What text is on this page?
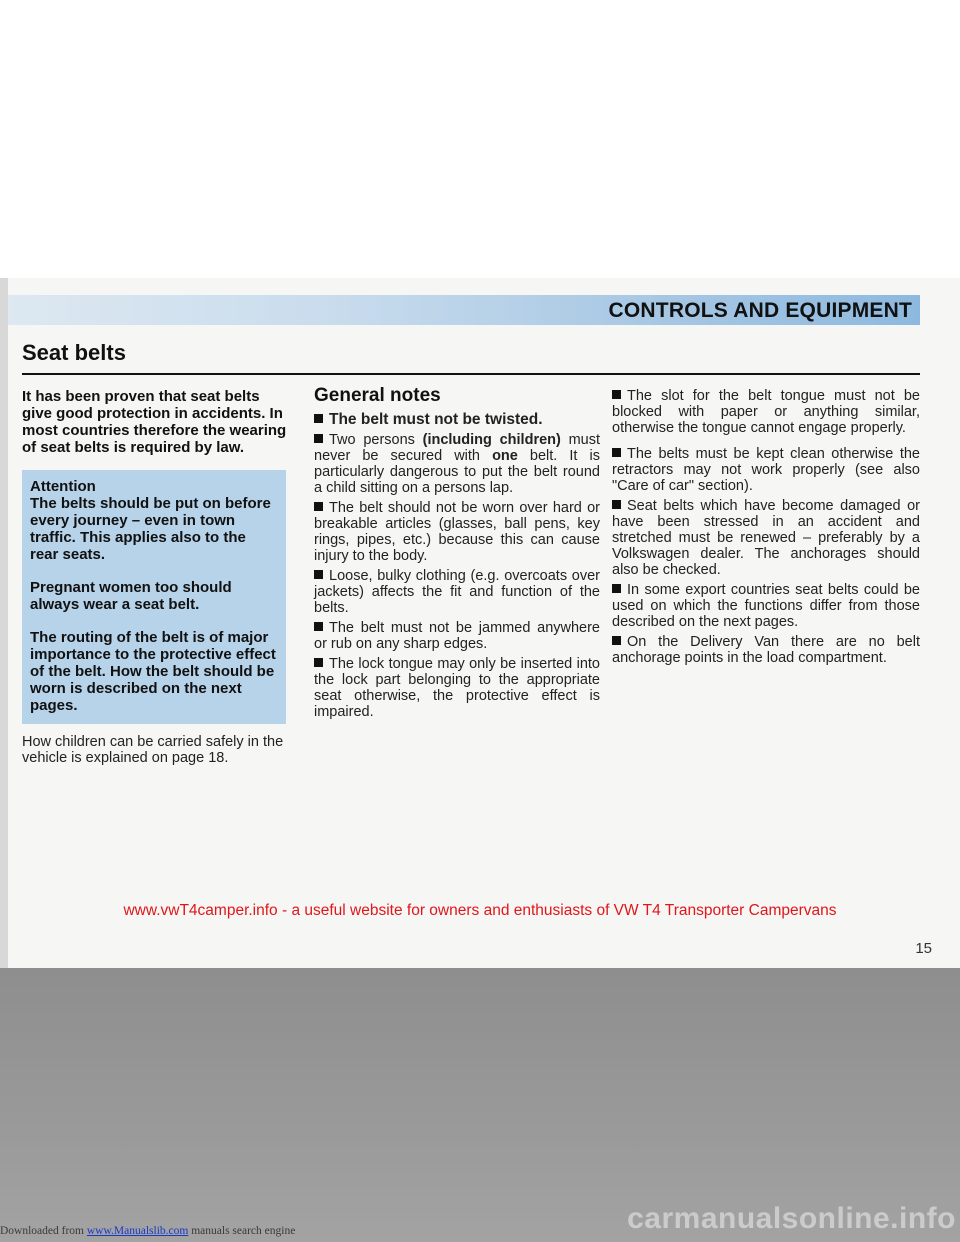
CONTROLS AND EQUIPMENT
Seat belts

It has been proven that seat belts give good protection in accidents. In most countries therefore the wearing of seat belts is required by law.

Attention
The belts should be put on before every journey – even in town traffic. This applies also to the rear seats.

Pregnant women too should always wear a seat belt.

The routing of the belt is of major importance to the protective effect of the belt. How the belt should be worn is described on the next pages.

How children can be carried safely in the vehicle is explained on page 18.

General notes

The belt must not be twisted.

Two persons (including children) must never be secured with one belt. It is particularly dangerous to put the belt round a child sitting on a persons lap.

The belt should not be worn over hard or breakable articles (glasses, ball pens, key rings, pipes, etc.) because this can cause injury to the body.

Loose, bulky clothing (e.g. overcoats over jackets) affects the fit and function of the belts.

The belt must not be jammed anywhere or rub on any sharp edges.

The lock tongue may only be inserted into the lock part belonging to the appropriate seat otherwise, the protective effect is impaired.

The slot for the belt tongue must not be blocked with paper or anything similar, otherwise the tongue cannot engage properly.

The belts must be kept clean otherwise the retractors may not work properly (see also "Care of car" section).

Seat belts which have become damaged or have been stressed in an accident and stretched must be renewed – preferably by a Volkswagen dealer. The anchorages should also be checked.

In some export countries seat belts could be used on which the functions differ from those described on the next pages.

On the Delivery Van there are no belt anchorage points in the load compartment.

www.vwT4camper.info - a useful website for owners and enthusiasts of VW T4 Transporter Campervans
15
Downloaded from www.Manualslib.com manuals search engine	carmanualsonline.info
